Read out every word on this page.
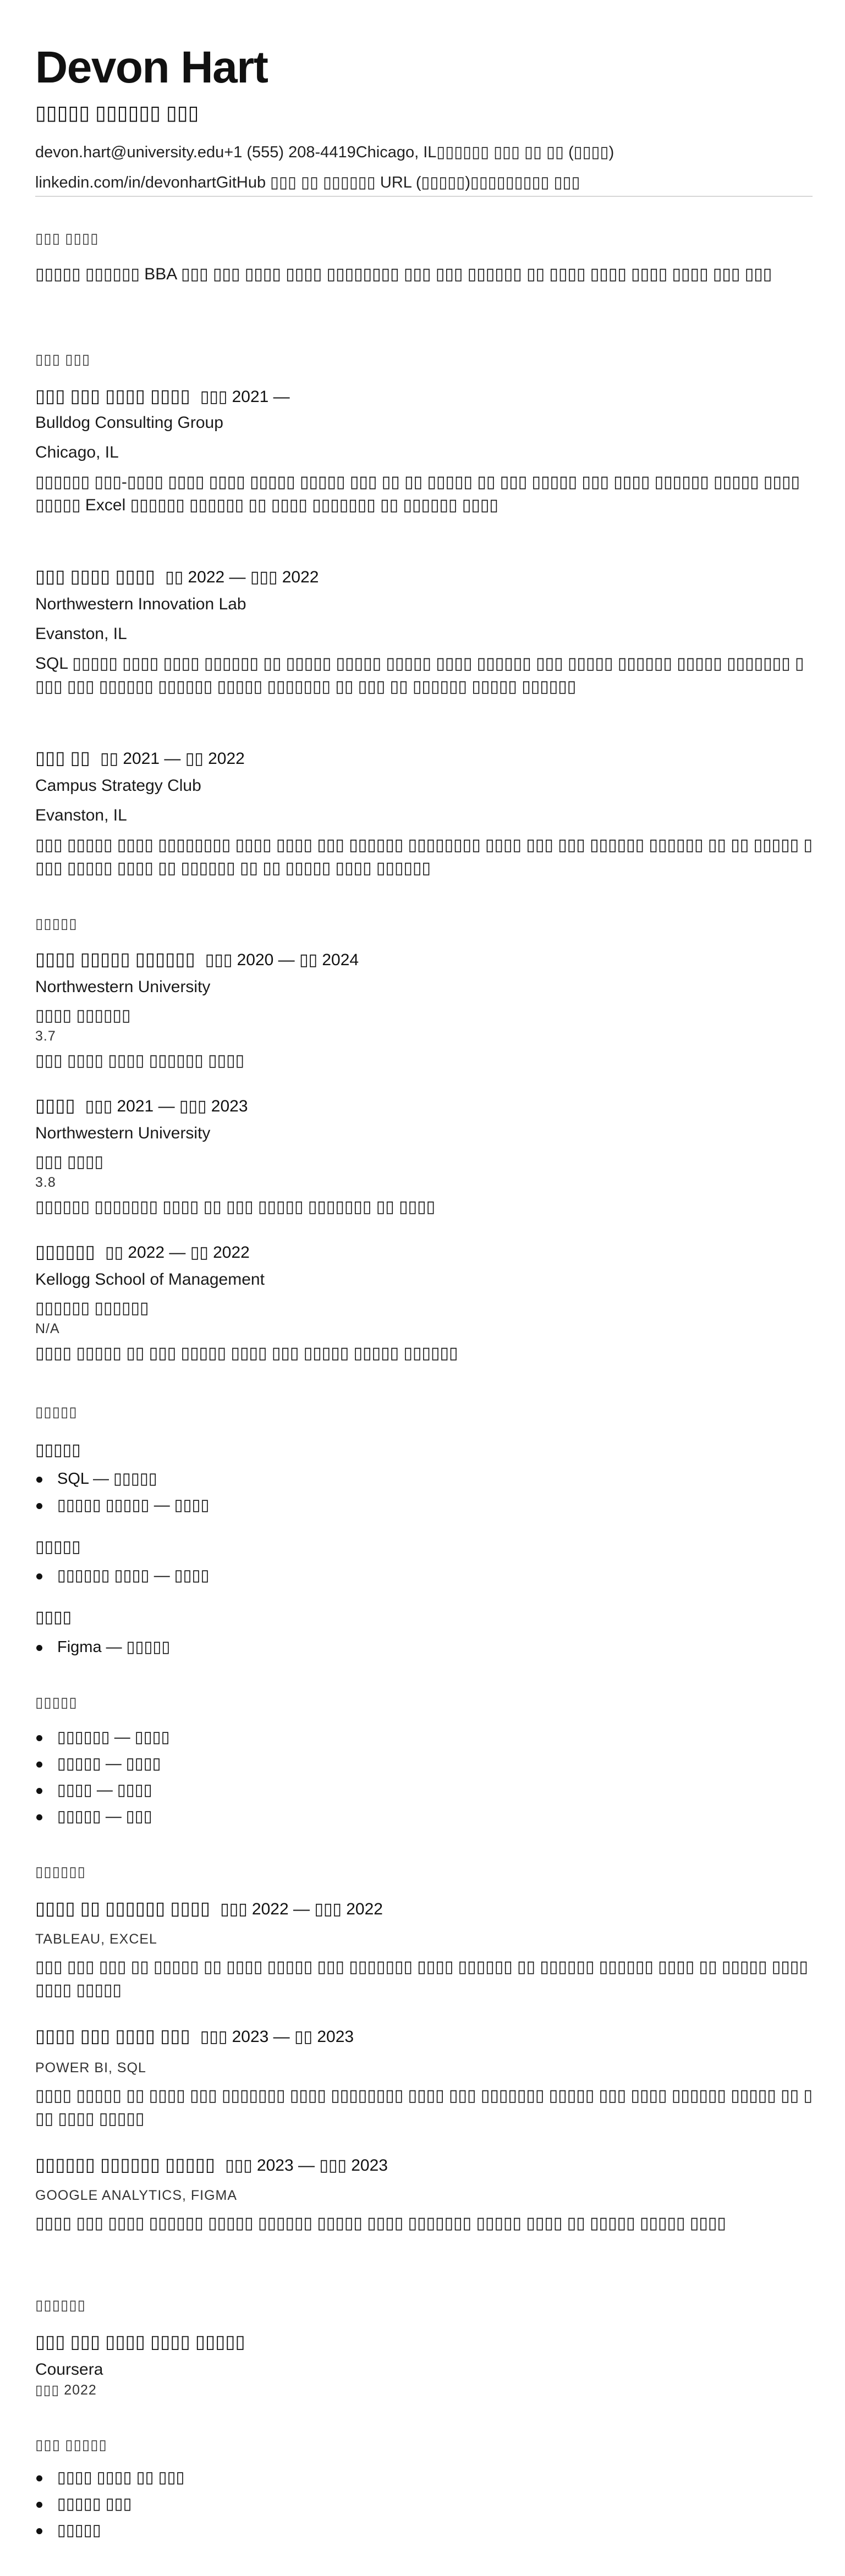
Devon Hart
▯▯▯▯▯ ▯▯▯▯▯▯ ▯▯▯
devon.hart@university.edu+1 (555) 208-4419Chicago, IL▯▯▯▯▯▯ ▯▯▯ ▯▯ ▯▯ (▯▯▯▯)
linkedin.com/in/devonhartGitHub ▯▯▯ ▯▯ ▯▯▯▯▯▯ URL (▯▯▯▯▯)▯▯▯▯▯▯▯▯▯ ▯▯▯
▯▯▯ ▯▯▯▯
▯▯▯▯▯ ▯▯▯▯▯▯ BBA ▯▯▯ ▯▯▯ ▯▯▯▯ ▯▯▯▯ ▯▯▯▯▯▯▯▯ ▯▯▯ ▯▯▯ ▯▯▯▯▯▯ ▯▯ ▯▯▯▯ ▯▯▯▯ ▯▯▯▯ ▯▯▯▯ ▯▯▯ ▯▯▯
▯▯▯ ▯▯▯
▯▯▯ ▯▯▯ ▯▯▯▯ ▯▯▯▯ ▯▯▯ 2021 —
Bulldog Consulting Group
Chicago, IL
▯▯▯▯▯▯ ▯▯▯-▯▯▯▯ ▯▯▯▯ ▯▯▯▯ ▯▯▯▯▯ ▯▯▯▯▯ ▯▯▯ ▯▯ ▯▯ ▯▯▯▯▯ ▯▯ ▯▯▯ ▯▯▯▯▯ ▯▯▯ ▯▯▯▯ ▯▯▯▯▯▯ ▯▯▯▯▯ ▯▯▯▯ ▯▯▯▯▯ Excel ▯▯▯▯▯▯ ▯▯▯▯▯▯ ▯▯ ▯▯▯▯ ▯▯▯▯▯▯▯ ▯▯ ▯▯▯▯▯▯ ▯▯▯▯
▯▯▯ ▯▯▯▯ ▯▯▯▯ ▯▯ 2022 — ▯▯▯ 2022
Northwestern Innovation Lab
Evanston, IL
SQL ▯▯▯▯▯ ▯▯▯▯ ▯▯▯▯ ▯▯▯▯▯▯ ▯▯ ▯▯▯▯▯ ▯▯▯▯▯ ▯▯▯▯▯ ▯▯▯▯ ▯▯▯▯▯▯ ▯▯▯ ▯▯▯▯▯ ▯▯▯▯▯▯ ▯▯▯▯▯ ▯▯▯▯▯▯▯ ▯▯▯▯ ▯▯▯ ▯▯▯▯▯▯ ▯▯▯▯▯▯ ▯▯▯▯▯ ▯▯▯▯▯▯▯ ▯▯ ▯▯▯ ▯▯ ▯▯▯▯▯▯ ▯▯▯▯▯ ▯▯▯▯▯▯
▯▯▯ ▯▯ ▯▯ 2021 — ▯▯ 2022
Campus Strategy Club
Evanston, IL
▯▯▯ ▯▯▯▯▯ ▯▯▯▯ ▯▯▯▯▯▯▯▯ ▯▯▯▯ ▯▯▯▯ ▯▯▯ ▯▯▯▯▯▯ ▯▯▯▯▯▯▯▯ ▯▯▯▯ ▯▯▯ ▯▯▯ ▯▯▯▯▯▯ ▯▯▯▯▯▯ ▯▯ ▯▯ ▯▯▯▯▯ ▯▯▯▯ ▯▯▯▯▯ ▯▯▯▯ ▯▯ ▯▯▯▯▯▯ ▯▯ ▯▯ ▯▯▯▯▯ ▯▯▯▯ ▯▯▯▯▯▯
▯▯▯▯▯
▯▯▯▯ ▯▯▯▯▯ ▯▯▯▯▯▯ ▯▯▯ 2020 — ▯▯ 2024
Northwestern University
▯▯▯▯ ▯▯▯▯▯▯
3.7
▯▯▯ ▯▯▯▯ ▯▯▯▯ ▯▯▯▯▯▯ ▯▯▯▯
▯▯▯▯ ▯▯▯ 2021 — ▯▯▯ 2023
Northwestern University
▯▯▯ ▯▯▯▯
3.8
▯▯▯▯▯▯ ▯▯▯▯▯▯▯ ▯▯▯▯ ▯▯ ▯▯▯ ▯▯▯▯▯ ▯▯▯▯▯▯▯ ▯▯ ▯▯▯▯
▯▯▯▯▯▯ ▯▯ 2022 — ▯▯ 2022
Kellogg School of Management
▯▯▯▯▯▯ ▯▯▯▯▯▯
N/A
▯▯▯▯ ▯▯▯▯▯ ▯▯ ▯▯▯ ▯▯▯▯▯ ▯▯▯▯ ▯▯▯ ▯▯▯▯▯ ▯▯▯▯▯ ▯▯▯▯▯▯
▯▯▯▯▯
▯▯▯▯▯
SQL — ▯▯▯▯▯
▯▯▯▯▯ ▯▯▯▯▯ — ▯▯▯▯
▯▯▯▯▯
▯▯▯▯▯▯ ▯▯▯▯ — ▯▯▯▯
▯▯▯▯
Figma — ▯▯▯▯▯
▯▯▯▯▯
▯▯▯▯▯▯ — ▯▯▯▯
▯▯▯▯▯ — ▯▯▯▯
▯▯▯▯ — ▯▯▯▯
▯▯▯▯▯ — ▯▯▯
▯▯▯▯▯▯
▯▯▯▯ ▯▯ ▯▯▯▯▯▯ ▯▯▯▯ ▯▯▯ 2022 — ▯▯▯ 2022
TABLEAU, EXCEL
▯▯▯ ▯▯▯ ▯▯▯ ▯▯ ▯▯▯▯▯ ▯▯ ▯▯▯▯ ▯▯▯▯▯ ▯▯▯ ▯▯▯▯▯▯▯ ▯▯▯▯ ▯▯▯▯▯▯ ▯▯ ▯▯▯▯▯▯ ▯▯▯▯▯▯ ▯▯▯▯ ▯▯ ▯▯▯▯▯ ▯▯▯▯ ▯▯▯▯ ▯▯▯▯▯
▯▯▯▯ ▯▯▯ ▯▯▯▯ ▯▯▯ ▯▯▯ 2023 — ▯▯ 2023
POWER BI, SQL
▯▯▯▯ ▯▯▯▯▯ ▯▯ ▯▯▯▯ ▯▯▯ ▯▯▯▯▯▯▯ ▯▯▯▯ ▯▯▯▯▯▯▯▯ ▯▯▯▯ ▯▯▯ ▯▯▯▯▯▯▯ ▯▯▯▯▯ ▯▯▯ ▯▯▯▯ ▯▯▯▯▯▯ ▯▯▯▯▯ ▯▯ ▯▯▯ ▯▯▯▯ ▯▯▯▯▯
▯▯▯▯▯▯ ▯▯▯▯▯▯ ▯▯▯▯▯ ▯▯▯ 2023 — ▯▯▯ 2023
GOOGLE ANALYTICS, FIGMA
▯▯▯▯ ▯▯▯ ▯▯▯▯ ▯▯▯▯▯▯ ▯▯▯▯▯ ▯▯▯▯▯▯ ▯▯▯▯▯ ▯▯▯▯ ▯▯▯▯▯▯▯ ▯▯▯▯▯ ▯▯▯▯ ▯▯ ▯▯▯▯▯ ▯▯▯▯▯ ▯▯▯▯
▯▯▯▯▯▯
▯▯▯ ▯▯▯ ▯▯▯▯ ▯▯▯▯ ▯▯▯▯▯
Coursera
▯▯▯ 2022
▯▯▯ ▯▯▯▯▯
▯▯▯▯ ▯▯▯▯ ▯▯ ▯▯▯
▯▯▯▯▯ ▯▯▯
▯▯▯▯▯
